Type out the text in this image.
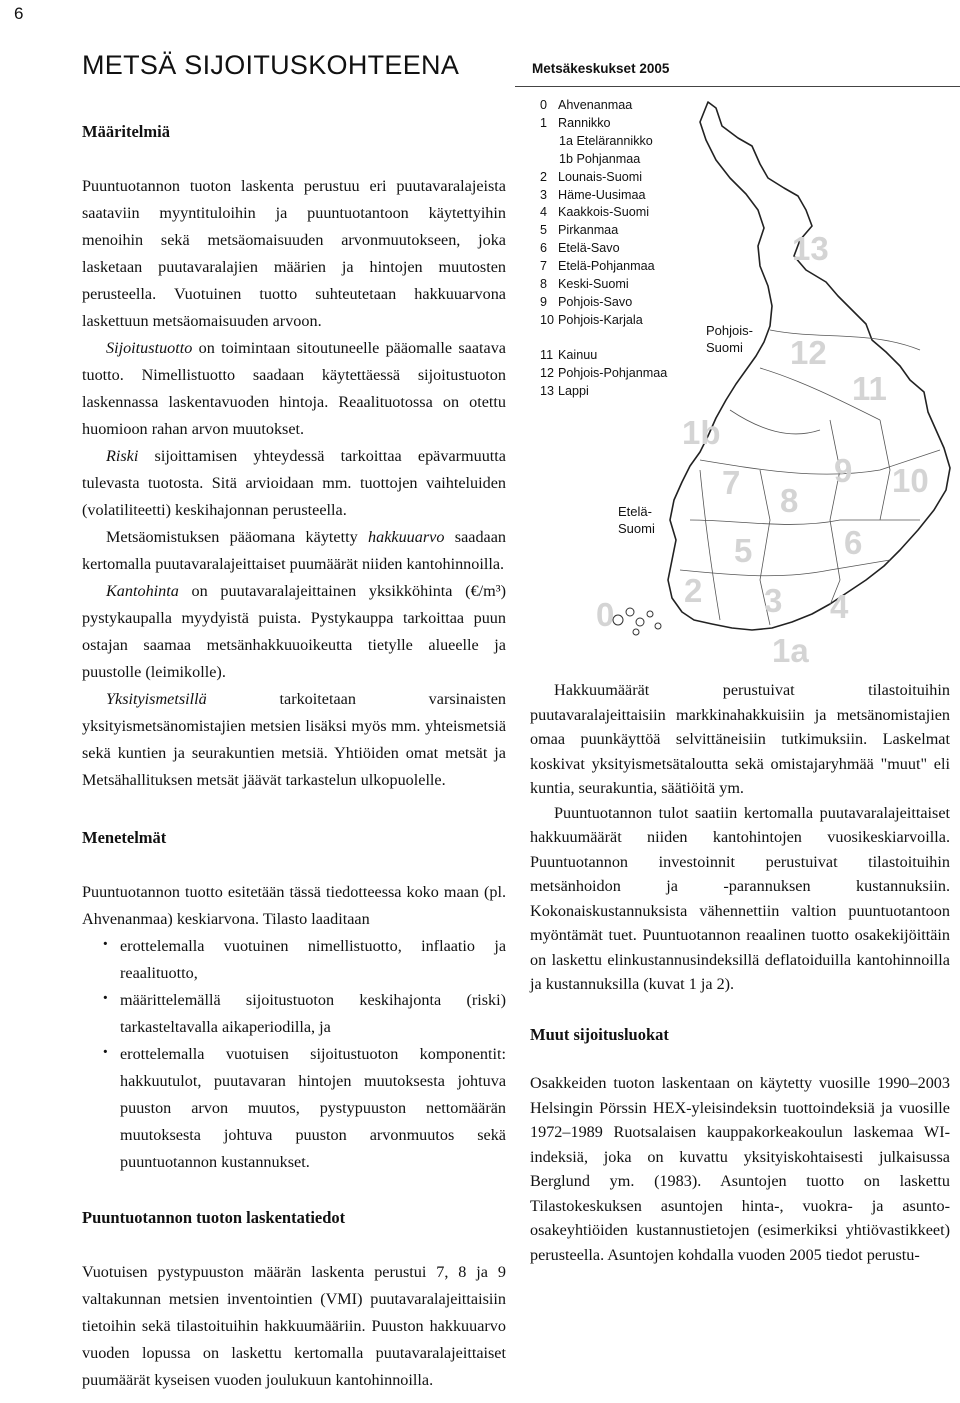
6
METSÄ SIJOITUSKOHTEENA	Metsäkeskukset 2005
0 Ahvenanmaa
1 Rannikko
1a Etelärannikko
1b Pohjanmaa
2 Lounais-Suomi
3 Häme-Uusimaa
4 Kaakkois-Suomi
5 Pirkanmaa
6 Etelä-Savo
7 Etelä-Pohjanmaa
8 Keski-Suomi
9 Pohjois-Savo
10 Pohjois-Karjala
11 Kainuu
12 Pohjois-Pohjanmaa
13 Lappi
Pohjois-
Suomi
Etelä-
Suomi
0
1a
1b
2 3 4
5	6
7 8
9 10
11
12
13
Määritelmiä

Puuntuotannon tuoton laskenta perustuu eri puutavaralajeista saataviin myyntituloihin ja puuntuotantoon käytettyihin menoihin sekä metsäomaisuuden arvonmuutokseen, joka lasketaan puutavaralajien määrien ja hintojen muutosten perusteella. Vuotuinen tuotto suhteutetaan hakkuuarvona laskettuun metsäomaisuuden arvoon.

Sijoitustuotto on toimintaan sitoutuneelle pääomalle saatava tuotto. Nimellistuotto saadaan käytettäessä sijoitustuoton laskennassa laskentavuoden hintoja. Reaalituotossa on otettu huomioon rahan arvon muutokset.

Riski sijoittamisen yhteydessä tarkoittaa epävarmuutta tulevasta tuotosta. Sitä arvioidaan mm. tuottojen vaihteluiden (volatiliteetti) keskihajonnan perusteella.

Metsäomistuksen pääomana käytetty hakkuuarvo saadaan kertomalla puutavaralajeittaiset puumäärät niiden kantohinnoilla.

Kantohinta on puutavaralajeittainen yksikköhinta (€/m³) pystykaupalla myydyistä puista. Pystykauppa tarkoittaa puun ostajan saamaa metsänhakkuuoikeutta tietylle alueelle ja puustolle (leimikolle).

Yksityismetsillä tarkoitetaan varsinaisten yksityismetsänomistajien metsien lisäksi myös mm. yhteismetsiä sekä kuntien ja seurakuntien metsiä. Yhtiöiden omat metsät ja Metsähallituksen metsät jäävät tarkastelun ulkopuolelle.

Menetelmät

Puuntuotannon tuotto esitetään tässä tiedotteessa koko maan (pl. Ahvenanmaa) keskiarvona. Tilasto laaditaan

· erottelemalla vuotuinen nimellistuotto, inflaatio ja reaalituotto,
· määrittelemällä sijoitustuoton keskihajonta (riski) tarkasteltavalla aikaperiodilla, ja
· erottelemalla vuotuisen sijoitustuoton komponentit: hakkuutulot, puutavaran hintojen muutoksesta johtuva puuston arvon muutos, pystypuuston nettomäärän muutoksesta johtuva puuston arvonmuutos sekä puuntuotannon kustannukset.
Puuntuotannon tuoton laskentatiedot

Vuotuisen pystypuuston määrän laskenta perustui 7, 8 ja 9 valtakunnan metsien inventointien (VMI) puutavaralajeittaisiin tietoihin sekä tilastoituihin hakkuumääriin. Puuston hakkuuarvo vuoden lopussa on laskettu kertomalla puutavaralajeittaiset puumäärät kyseisen vuoden joulukuun kantohinnoilla.

Hakkuumäärät perustuivat tilastoituihin puutavaralajeittaisiin markkinahakkuisiin ja metsänomistajien omaa puunkäyttöä selvittäneisiin tutkimuksiin. Laskelmat koskivat yksityismetsätaloutta sekä omistajaryhmää "muut" eli kuntia, seurakuntia, säätiöitä ym.

Puuntuotannon tulot saatiin kertomalla puutavaralajeittaiset hakkuumäärät niiden kantohintojen vuosikeskiarvoilla. Puuntuotannon investoinnit perustuivat tilastoituihin metsänhoidon ja -parannuksen kustannuksiin. Kokonaiskustannuksista vähennettiin valtion puuntuotantoon myöntämät tuet. Puuntuotannon reaalinen tuotto osakekijöittäin on laskettu elinkustannusindeksillä deflatoiduilla kantohinnoilla ja kustannuksilla (kuvat 1 ja 2).

Muut sijoitusluokat

Osakkeiden tuoton laskentaan on käytetty vuosille 1990–2003 Helsingin Pörssin HEX-yleisindeksin tuottoindeksiä ja vuosille 1972–1989 Ruotsalaisen kauppakorkeakoulun laskemaa WI-indeksiä, joka on kuvattu yksityiskohtaisesti julkaisussa Berglund ym. (1983). Asuntojen tuotto on laskettu Tilastokeskuksen asuntojen hinta-, vuokra- ja asunto-osakeyhtiöiden kustannustietojen (esimerkiksi yhtiövastikkeet) perusteella. Asuntojen kohdalla vuoden 2005 tiedot perustu-
